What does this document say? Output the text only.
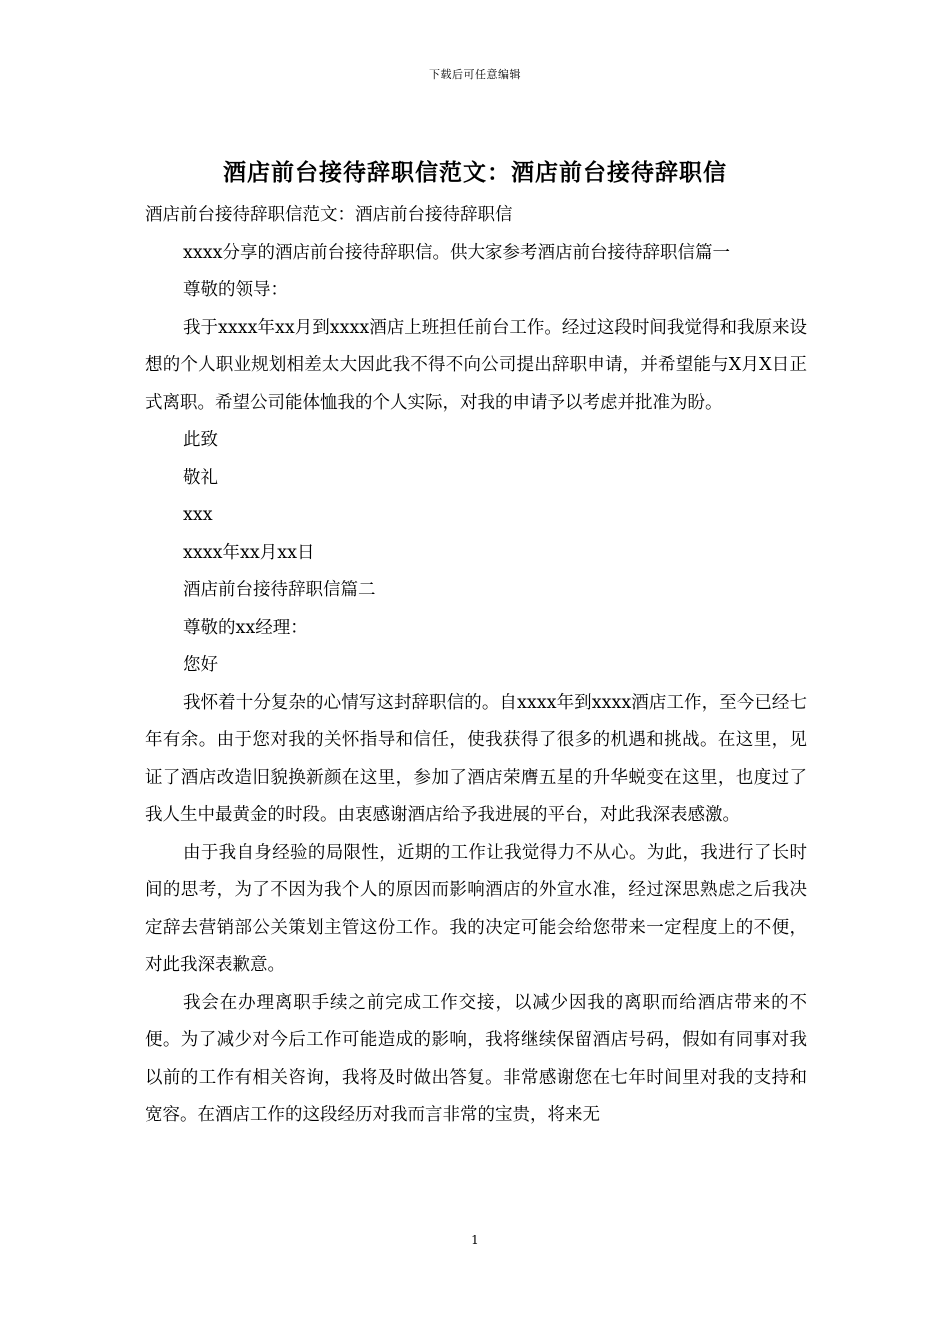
下载后可任意编辑
酒店前台接待辞职信范文：酒店前台接待辞职信

酒店前台接待辞职信范文：酒店前台接待辞职信

xxxx分享的酒店前台接待辞职信。供大家参考酒店前台接待辞职信篇一

尊敬的领导：

我于xxxx年xx月到xxxx酒店上班担任前台工作。经过这段时间我觉得和我原来设想的个人职业规划相差太大因此我不得不向公司提出辞职申请，并希望能与X月X日正式离职。希望公司能体恤我的个人实际，对我的申请予以考虑并批准为盼。

此致

敬礼

xxx

xxxx年xx月xx日

酒店前台接待辞职信篇二

尊敬的xx经理：

您好

我怀着十分复杂的心情写这封辞职信的。自xxxx年到xxxx酒店工作，至今已经七年有余。由于您对我的关怀指导和信任，使我获得了很多的机遇和挑战。在这里，见证了酒店改造旧貌换新颜在这里，参加了酒店荣膺五星的升华蜕变在这里，也度过了我人生中最黄金的时段。由衷感谢酒店给予我进展的平台，对此我深表感激。

由于我自身经验的局限性，近期的工作让我觉得力不从心。为此，我进行了长时间的思考，为了不因为我个人的原因而影响酒店的外宣水准，经过深思熟虑之后我决定辞去营销部公关策划主管这份工作。我的决定可能会给您带来一定程度上的不便，对此我深表歉意。

我会在办理离职手续之前完成工作交接，以减少因我的离职而给酒店带来的不便。为了减少对今后工作可能造成的影响，我将继续保留酒店号码，假如有同事对我以前的工作有相关咨询，我将及时做出答复。非常感谢您在七年时间里对我的支持和宽容。在酒店工作的这段经历对我而言非常的宝贵，将来无

1
